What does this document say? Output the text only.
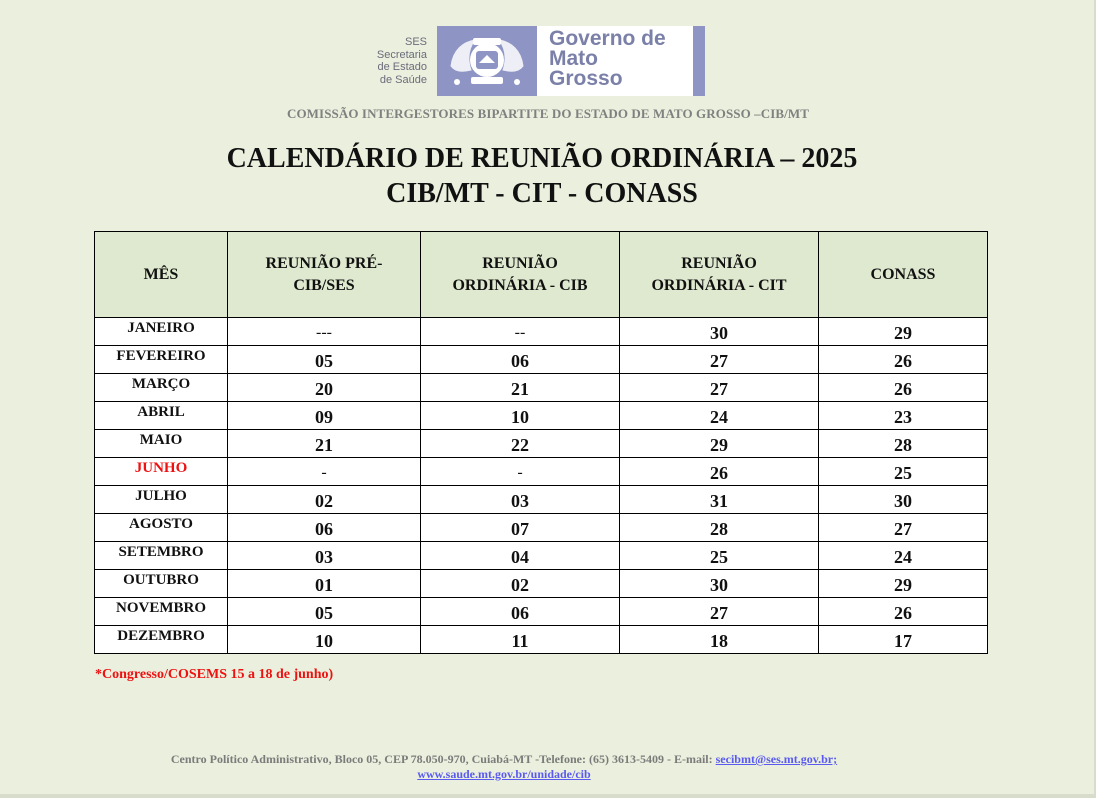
SES
Secretaria
de Estado
de Saúde
Governo de
Mato
Grosso
COMISSÃO INTERGESTORES BIPARTITE DO ESTADO DE MATO GROSSO –CIB/MT
CALENDÁRIO DE REUNIÃO ORDINÁRIA – 2025
CIB/MT - CIT - CONASS
MÊS	REUNIÃO PRÉ- CIB/SES	REUNIÃO ORDINÁRIA - CIB	REUNIÃO ORDINÁRIA - CIT	CONASS
JANEIRO	---	--	30	29
FEVEREIRO	05	06	27	26
MARÇO	20	21	27	26
ABRIL	09	10	24	23
MAIO	21	22	29	28
JUNHO	-	-	26	25
JULHO	02	03	31	30
AGOSTO	06	07	28	27
SETEMBRO	03	04	25	24
OUTUBRO	01	02	30	29
NOVEMBRO	05	06	27	26
DEZEMBRO	10	11	18	17
*Congresso/COSEMS 15 a 18 de junho)
Centro Político Administrativo, Bloco 05, CEP 78.050-970, Cuiabá-MT -Telefone: (65) 3613-5409 - E-mail: secibmt@ses.mt.gov.br;
www.saude.mt.gov.br/unidade/cib
